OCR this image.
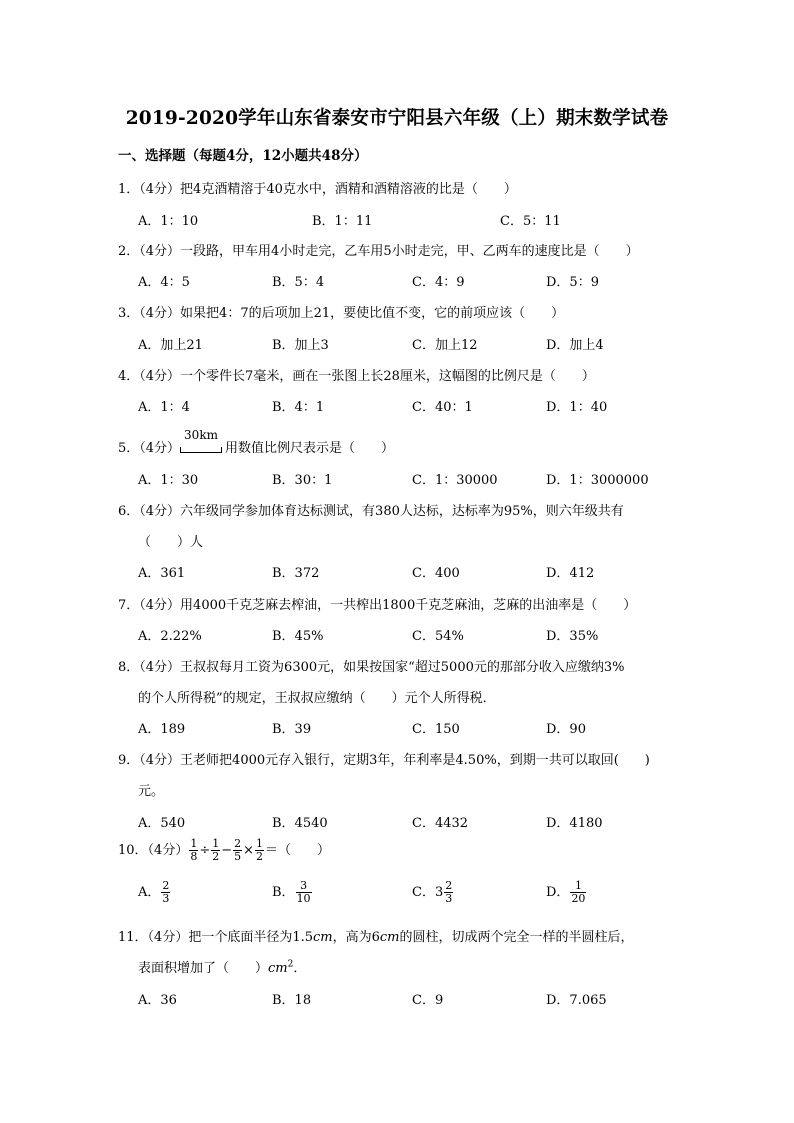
2019-2020学年山东省泰安市宁阳县六年级（上）期末数学试卷
一、选择题（每题4分，12小题共48分）
1．（4分）把4克酒精溶于40克水中，酒精和酒精溶液的比是（　　）
A．1：10	B．1：11	C．5：11
2．（4分）一段路，甲车用4小时走完，乙车用5小时走完，甲、乙两车的速度比是（　　）
A．4：5	B．5：4	C．4：9	D．5：9
3．（4分）如果把4：7的后项加上21，要使比值不变，它的前项应该（　　）
A．加上21	B．加上3	C．加上12	D．加上4
4．（4分）一个零件长7毫米，画在一张图上长28厘米，这幅图的比例尺是（　　）
A．1：4	B．4：1	C．40：1	D．1：40
5．（4分）
30km
用数值比例尺表示是（　　）
A．1：30	B．30：1	C．1：30000	D．1：3000000
6．（4分）六年级同学参加体育达标测试，有380人达标，达标率为95%，则六年级共有
（　　）人
A．361	B．372	C．400	D．412
7．（4分）用4000千克芝麻去榨油，一共榨出1800千克芝麻油，芝麻的出油率是（　　）
A．2.22%	B．45%	C．54%	D．35%
8．（4分）王叔叔每月工资为6300元，如果按国家“超过5000元的那部分收入应缴纳3%
的个人所得税”的规定，王叔叔应缴纳（　　）元个人所得税．
A．189	B．39	C．150	D．90
9．（4分）王老师把4000元存入银行，定期3年，年利率是4.50%，到期一共可以取回(　　)
元。
A．540	B．4540	C．4432	D．4180
10．（4分） $\frac{1}{8} \div \frac{1}{2} - \frac{2}{5} \times \frac{1}{2}$ ＝（　　）
A． $\frac{2}{3}$	B． $\frac{3}{10}$	C．$3 \frac{2}{3}$	D． $\frac{1}{20}$
11．（4分）把一个底面半径为1.5cm，高为6cm的圆柱，切成两个完全一样的半圆柱后，
表面积增加了（　　）$cm^2$．
A．36	B．18	C．9	D．7.065
